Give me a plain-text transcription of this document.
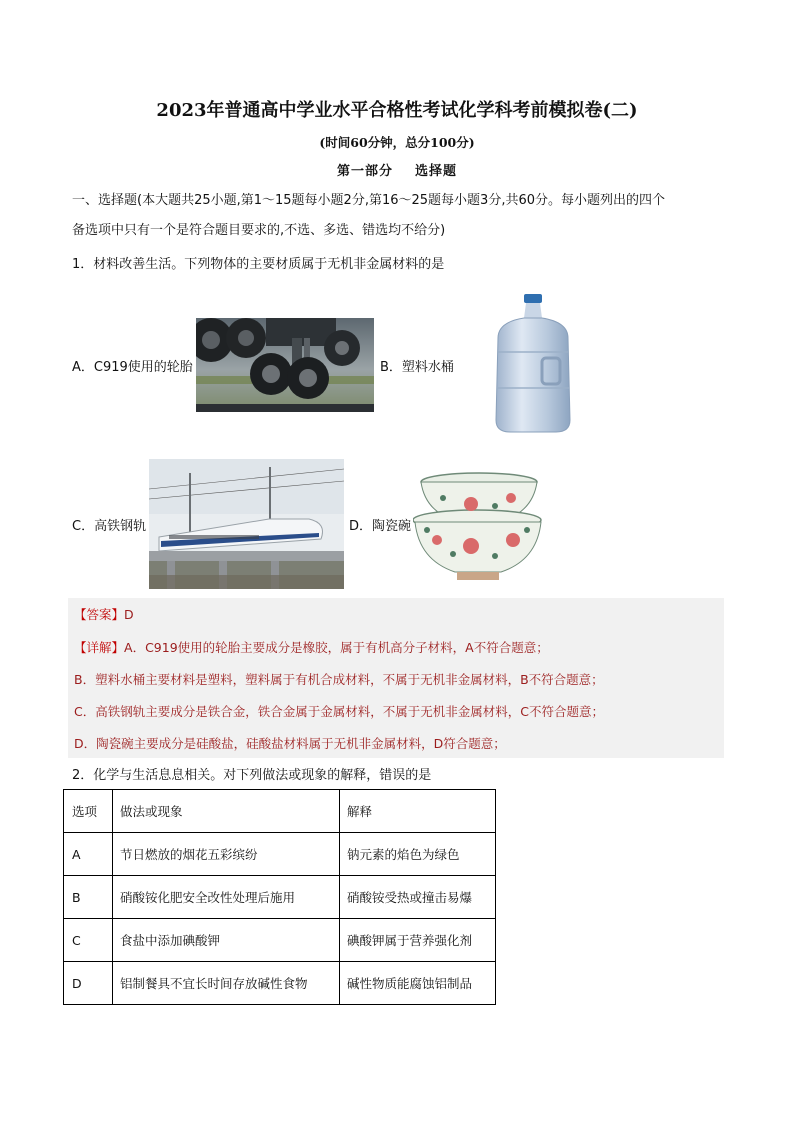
2023年普通高中学业水平合格性考试化学科考前模拟卷(二)
(时间60分钟，总分100分)
第一部分    选择题
一、选择题(本大题共25小题,第1～15题每小题2分,第16～25题每小题3分,共60分。每小题列出的四个
备选项中只有一个是符合题目要求的,不选、多选、错选均不给分)
1．材料改善生活。下列物体的主要材质属于无机非金属材料的是
A．C919使用的轮胎	B．塑料水桶
C．高铁钢轨	D．陶瓷碗
【答案】D
【详解】A．C919使用的轮胎主要成分是橡胶，属于有机高分子材料，A不符合题意；
B．塑料水桶主要材料是塑料，塑料属于有机合成材料，不属于无机非金属材料，B不符合题意；
C．高铁钢轨主要成分是铁合金，铁合金属于金属材料，不属于无机非金属材料，C不符合题意；
D．陶瓷碗主要成分是硅酸盐，硅酸盐材料属于无机非金属材料，D符合题意；
2．化学与生活息息相关。对下列做法或现象的解释，错误的是
选项	做法或现象	解释
A	节日燃放的烟花五彩缤纷	钠元素的焰色为绿色
B	硝酸铵化肥安全改性处理后施用	硝酸铵受热或撞击易爆
C	食盐中添加碘酸钾	碘酸钾属于营养强化剂
D	铝制餐具不宜长时间存放碱性食物	碱性物质能腐蚀铝制品
